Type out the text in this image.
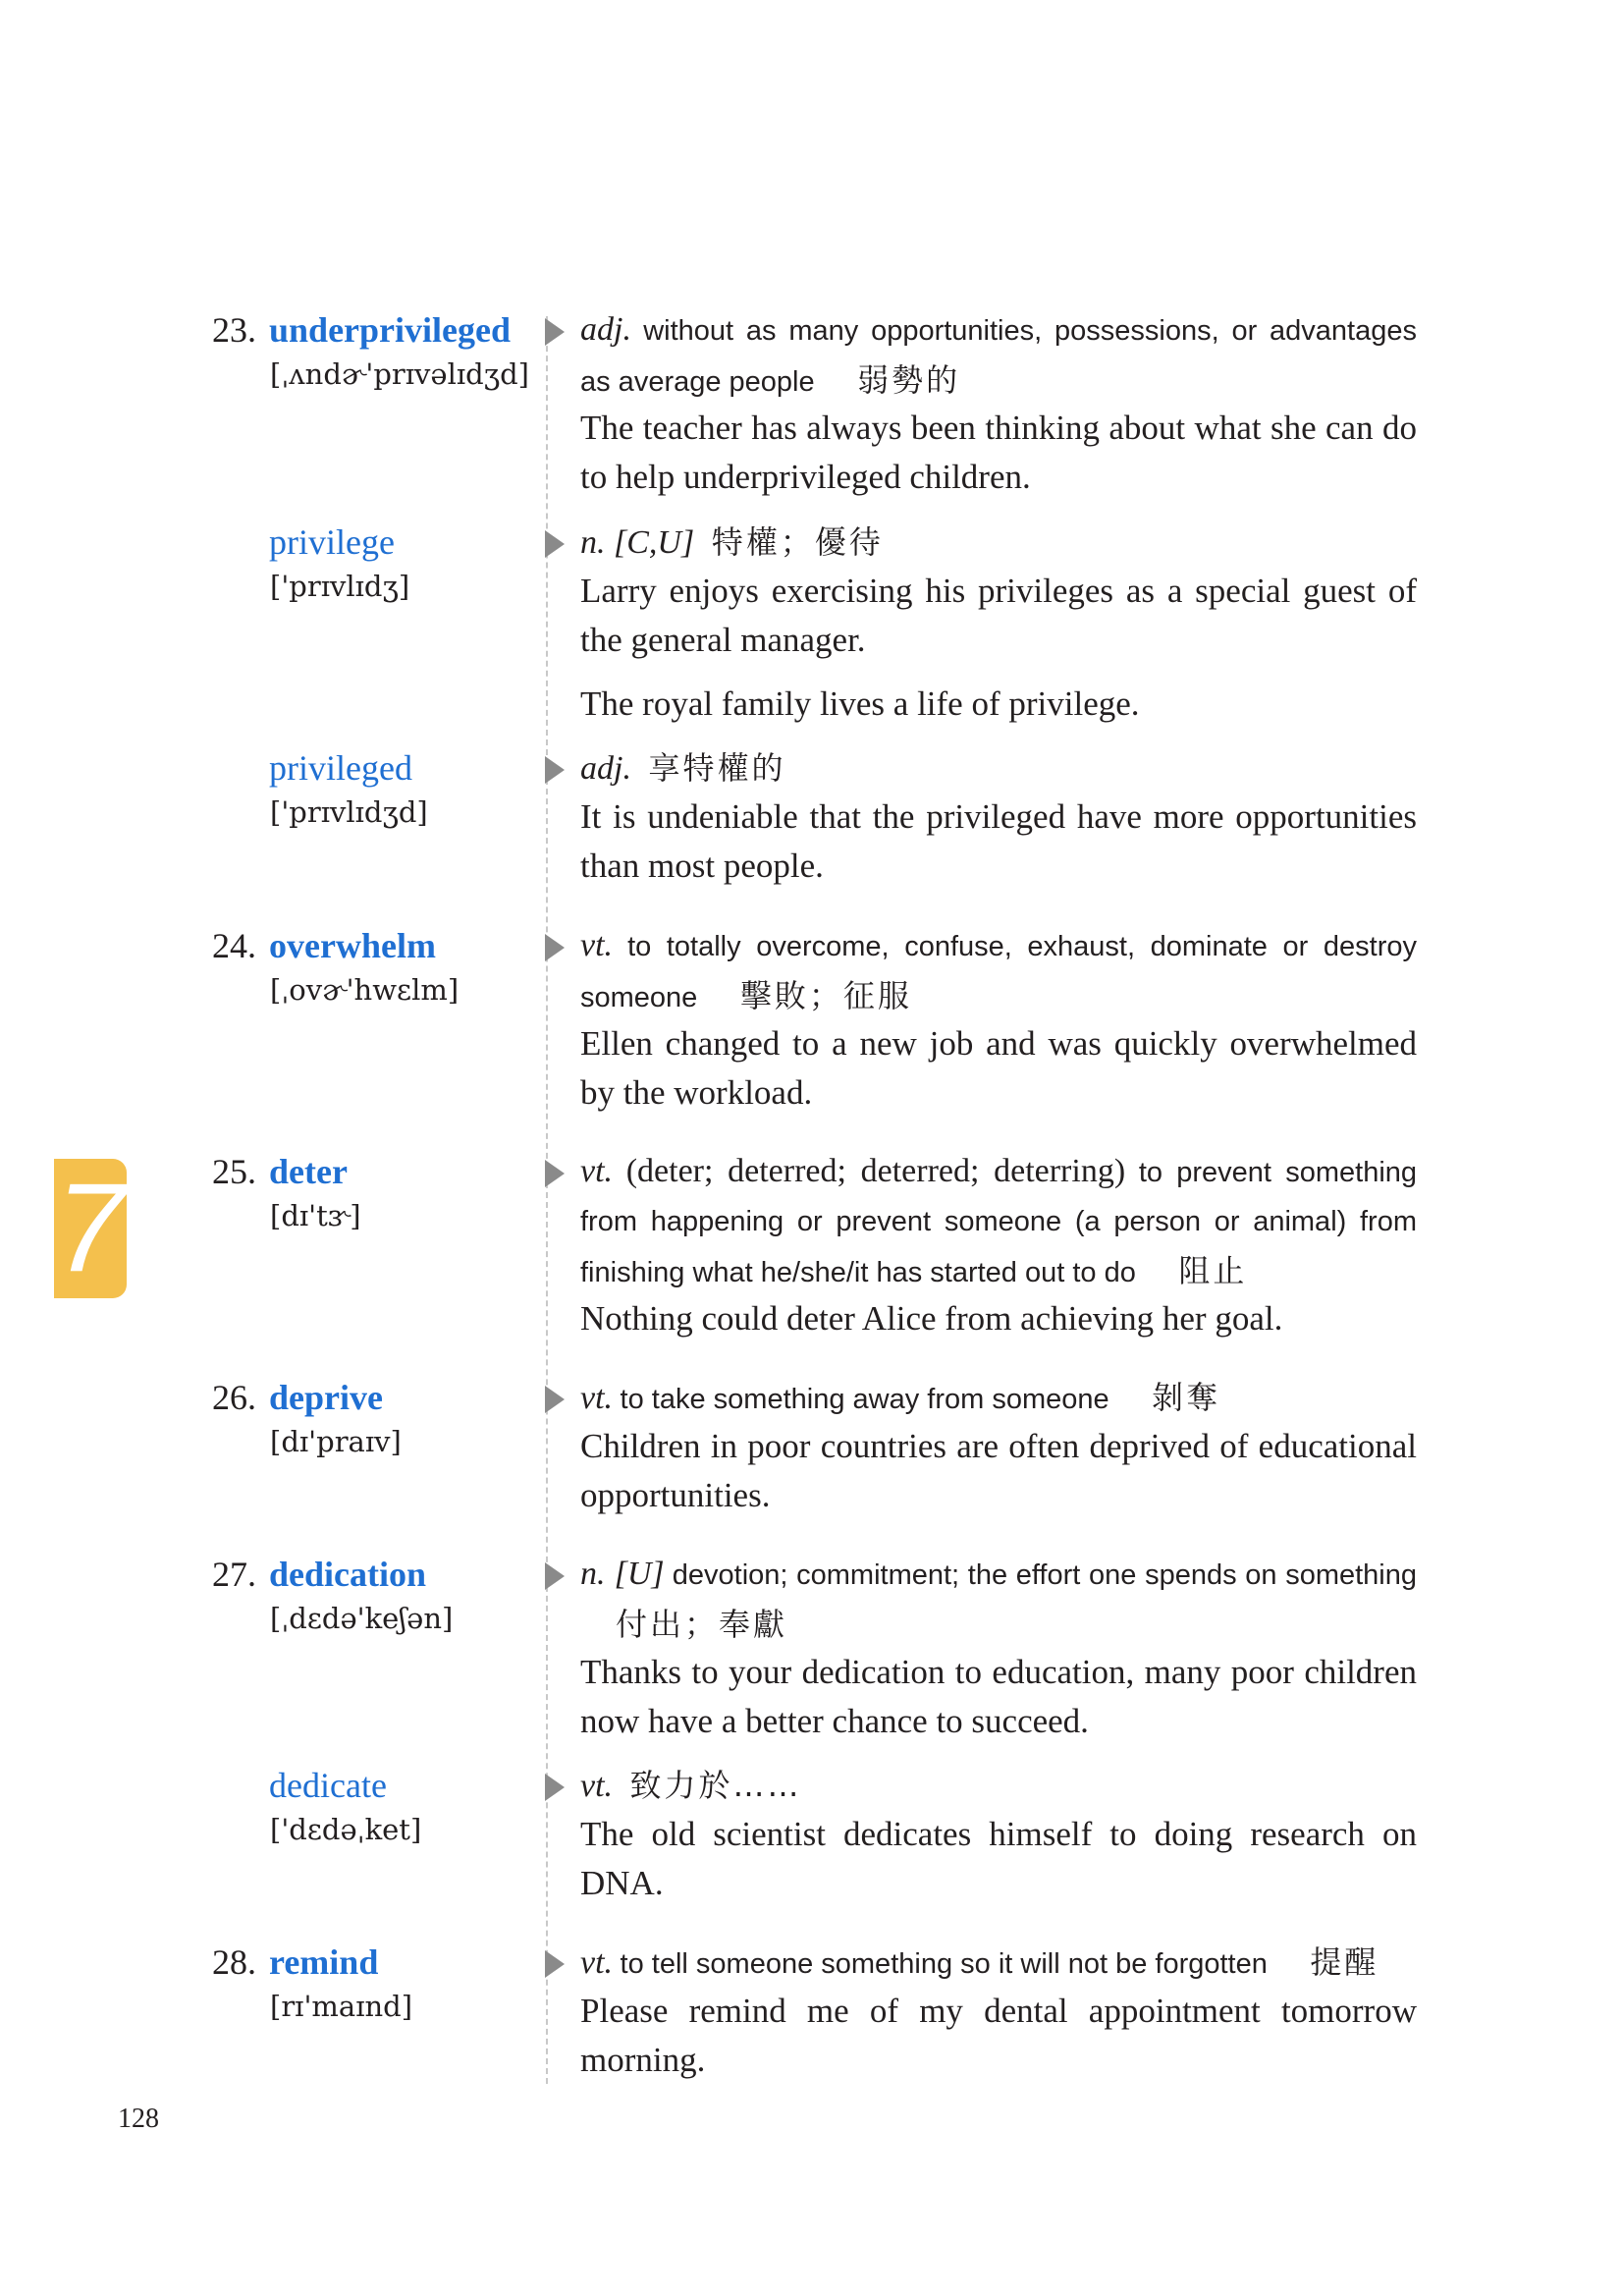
23. underprivileged
[ˌʌndɚ'prɪvəlɪdʒd]
adj. without as many opportunities, possessions, or advantages as average people 弱勢的
The teacher has always been thinking about what she can do to help underprivileged children.
privilege
['prɪvlɪdʒ]
n. [C,U] 特權；優待
Larry enjoys exercising his privileges as a special guest of the general manager.
The royal family lives a life of privilege.
privileged
['prɪvlɪdʒd]
adj. 享特權的
It is undeniable that the privileged have more opportunities than most people.
24. overwhelm
[ˌovɚ'hwɛlm]
vt. to totally overcome, confuse, exhaust, dominate or destroy someone 擊敗；征服
Ellen changed to a new job and was quickly overwhelmed by the workload.
25. deter
[dɪ'tɝ]
vt. (deter; deterred; deterred; deterring) to prevent something from happening or prevent someone (a person or animal) from finishing what he/she/it has started out to do 阻止
Nothing could deter Alice from achieving her goal.
26. deprive
[dɪ'praɪv]
vt. to take something away from someone 剝奪
Children in poor countries are often deprived of educational opportunities.
27. dedication
[ˌdɛdə'keʃən]
n. [U] devotion; commitment; the effort one spends on something 付出；奉獻
Thanks to your dedication to education, many poor children now have a better chance to succeed.
dedicate
['dɛdəˌket]
vt. 致力於……
The old scientist dedicates himself to doing research on DNA.
28. remind
[rɪ'maɪnd]
vt. to tell someone something so it will not be forgotten 提醒
Please remind me of my dental appointment tomorrow morning.
7
128
